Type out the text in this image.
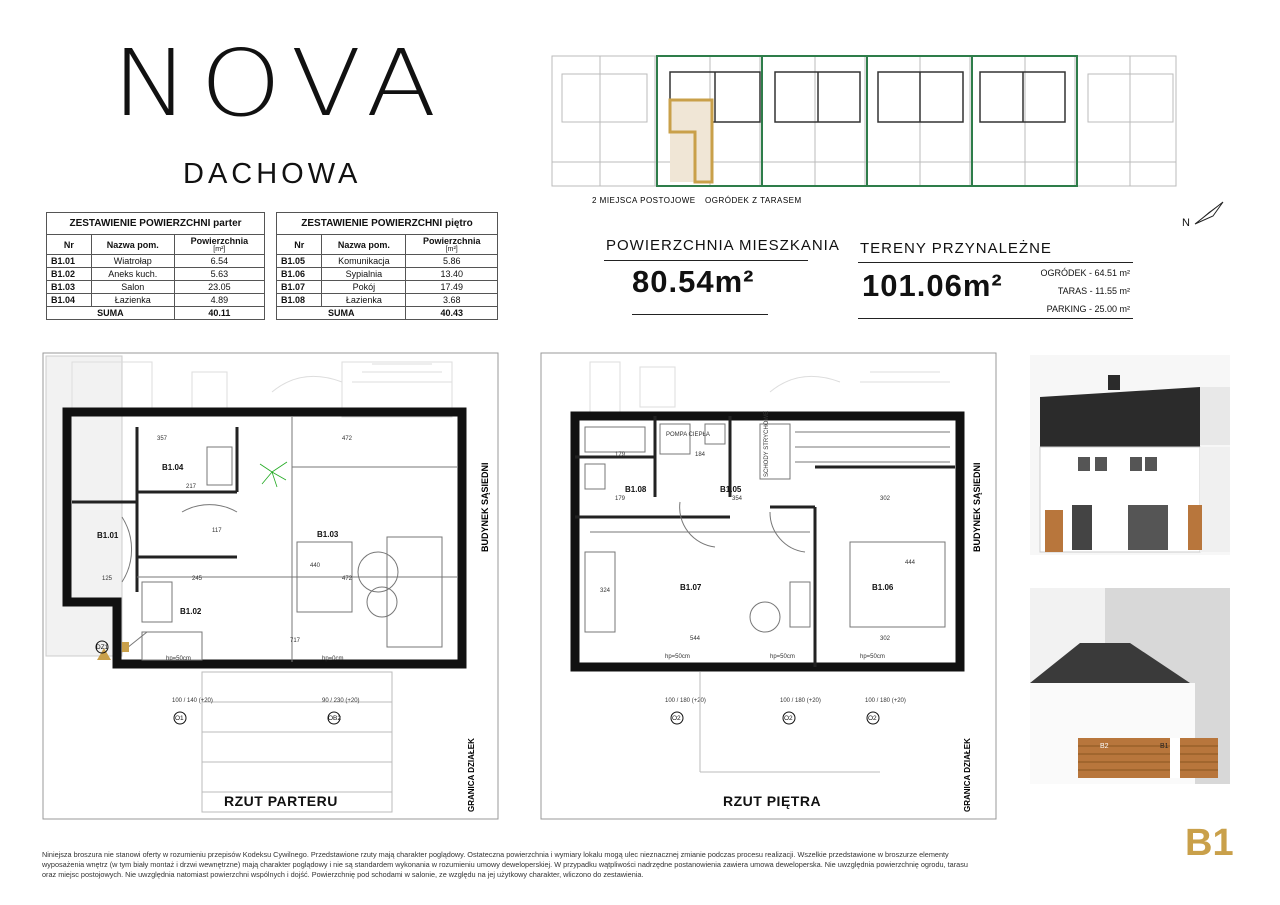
NOVA
DACHOWA
ZESTAWIENIE POWIERZCHNI parter		
Nr	Nazwa pom.	Powierzchnia
[m²]

B1.01	Wiatrołap	6.54
B1.02	Aneks kuch.	5.63
B1.03	Salon	23.05
B1.04	Łazienka	4.89
SUMA		40.11
ZESTAWIENIE POWIERZCHNI piętro		
Nr	Nazwa pom.	Powierzchnia
[m²]

B1.05	Komunikacja	5.86
B1.06	Sypialnia	13.40
B1.07	Pokój	17.49
B1.08	Łazienka	3.68
SUMA		40.43
2 MIEJSCA POSTOJOWE OGRÓDEK Z TARASEM
N
POWIERZCHNIA MIESZKANIA
80.54m²
TERENY PRZYNALEŻNE
101.06m²	OGRÓDEK - 64.51 m²
TARAS - 11.55 m²
PARKING - 25.00 m²
B1.04
B1.01
B1.02
B1.03
357	472
217
117
245	472
125
717
440
hp=50cm	hp=0cm
100 / 140 (+20)	90 / 230 (+20)
O1	OB2
DZ1
BUDYNEK SĄSIEDNI
GRANICA DZIAŁEK
RZUT PARTERU
B1.08	B1.05
B1.07	B1.06
POMPA CIEPŁA	SCHODY STRYCHOWE
179	184
179	354	302
544	302
324
444
hp=50cm	hp=50cm	hp=50cm
100 / 180 (+20)	100 / 180 (+20)	100 / 180 (+20)
O2	O2	O2
BUDYNEK SĄSIEDNI
GRANICA DZIAŁEK
RZUT PIĘTRA
B2	B1
B1
Niniejsza broszura nie stanowi oferty w rozumieniu przepisów Kodeksu Cywilnego. Przedstawione rzuty mają charakter poglądowy. Ostateczna powierzchnia i wymiary lokalu mogą ulec nieznacznej zmianie podczas procesu realizacji. Wszelkie przedstawione w broszurze elementy wyposażenia wnętrz (w tym biały montaż i drzwi wewnętrzne) mają charakter poglądowy i nie są standardem wykonania w rozumieniu umowy deweloperskiej. W przypadku wątpliwości nadrzędne postanowienia zawiera umowa deweloperska. Nie uwzględnia powierzchnię ogrodu, tarasu oraz miejsc postojowych. Nie uwzględnia natomiast powierzchni wspólnych i dojść. Powierzchnię pod schodami w salonie, ze względu na jej użytkowy charakter, wliczono do zestawienia.
